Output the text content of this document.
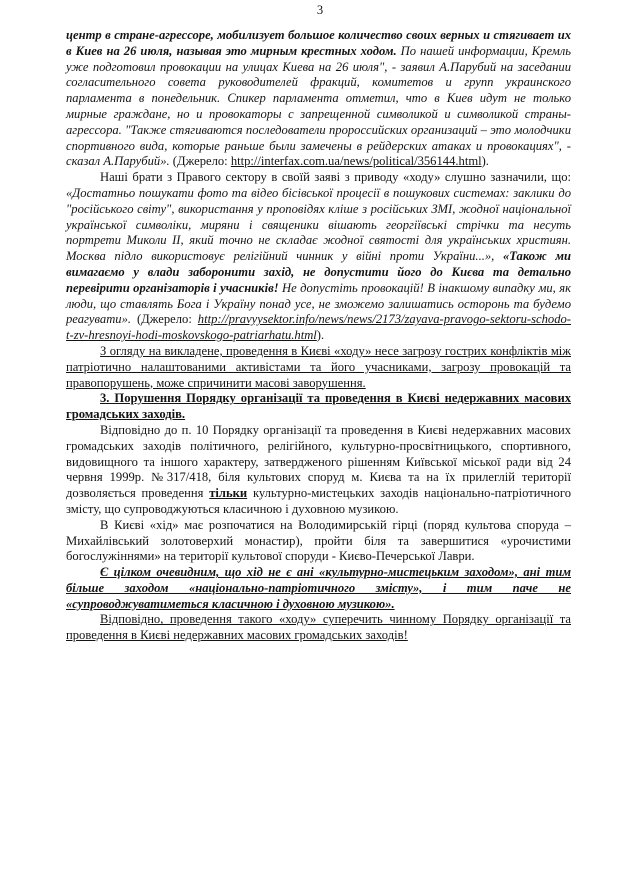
3

центр в стране-агрессоре, мобилизует большое количество своих верных и стягивает их в Киев на 26 июля, называя это мирным крестных ходом. По нашей информации, Кремль уже подготовил провокации на улицах Киева на 26 июля", - заявил А.Парубий на заседании согласительного совета руководителей фракций, комитетов и групп украинского парламента в понедельник. Спикер парламента отметил, что в Киев идут не только мирные граждане, но и провокаторы с запрещенной символикой и символикой страны-агрессора. "Также стягиваются последователи пророссийских организаций – это молодчики спортивного вида, которые раньше были замечены в рейдерских атаках и провокациях", - сказал А.Парубий». (Джерело: http://interfax.com.ua/news/political/356144.html).

Наші брати з Правого сектору в своїй заяві з приводу «ходу» слушно зазначили, що: «Достатньо пошукати фото та відео бісівської процесії в пошукових системах: заклики до "російського світу", використання у проповідях кліше з російських ЗМІ, жодної національної української символіки, миряни і священики вішають георгіївські стрічки та несуть портрети Миколи ІІ, який точно не складає жодної святості для українських християн. Москва підло використовує релігійний чинник у війні проти України...», «Також ми вимагаємо у влади заборонити захід, не допустити його до Києва та детально перевірити організаторів і учасників! Не допустіть провокацій! В інакшому випадку ми, як люди, що ставлять Бога і Україну понад усе, не зможемо залишатись осторонь та будемо реагувати». (Джерело: http://pravyysektor.info/news/news/2173/zayava-pravogo-sektoru-schodo-t-zv-hresnoyi-hodi-moskovskogo-patriarhatu.html).

З огляду на викладене, проведення в Києві «ходу» несе загрозу гострих конфліктів між патріотично налаштованими активістами та його учасниками, загрозу провокацій та правопорушень, може спричинити масові заворушення.

3. Порушення Порядку організації та проведення в Києві недержавних масових громадських заходів.

Відповідно до п. 10 Порядку організації та проведення в Києві недержавних масових громадських заходів політичного, релігійного, культурно-просвітницького, спортивного, видовищного та іншого характеру, затвердженого рішенням Київської міської ради від 24 червня 1999р. №317/418, біля культових споруд м. Києва та на їх прилеглій території дозволяється проведення тільки культурно-мистецьких заходів національно-патріотичного змісту, що супроводжуються класичною і духовною музикою.

В Києві «хід» має розпочатися на Володимирській гірці (поряд культова споруда – Михайлівський золотоверхий монастир), пройти біля та завершитися «урочистими богослужіннями» на території культової споруди - Києво-Печерської Лаври.

Є цілком очевидним, що хід не є ані «культурно-мистецьким заходом», ані тим більше заходом «національно-патріотичного змісту», і тим паче не «супроводжуватиметься класичною і духовною музикою».

Відповідно, проведення такого «ходу» суперечить чинному Порядку організації та проведення в Києві недержавних масових громадських заходів!
